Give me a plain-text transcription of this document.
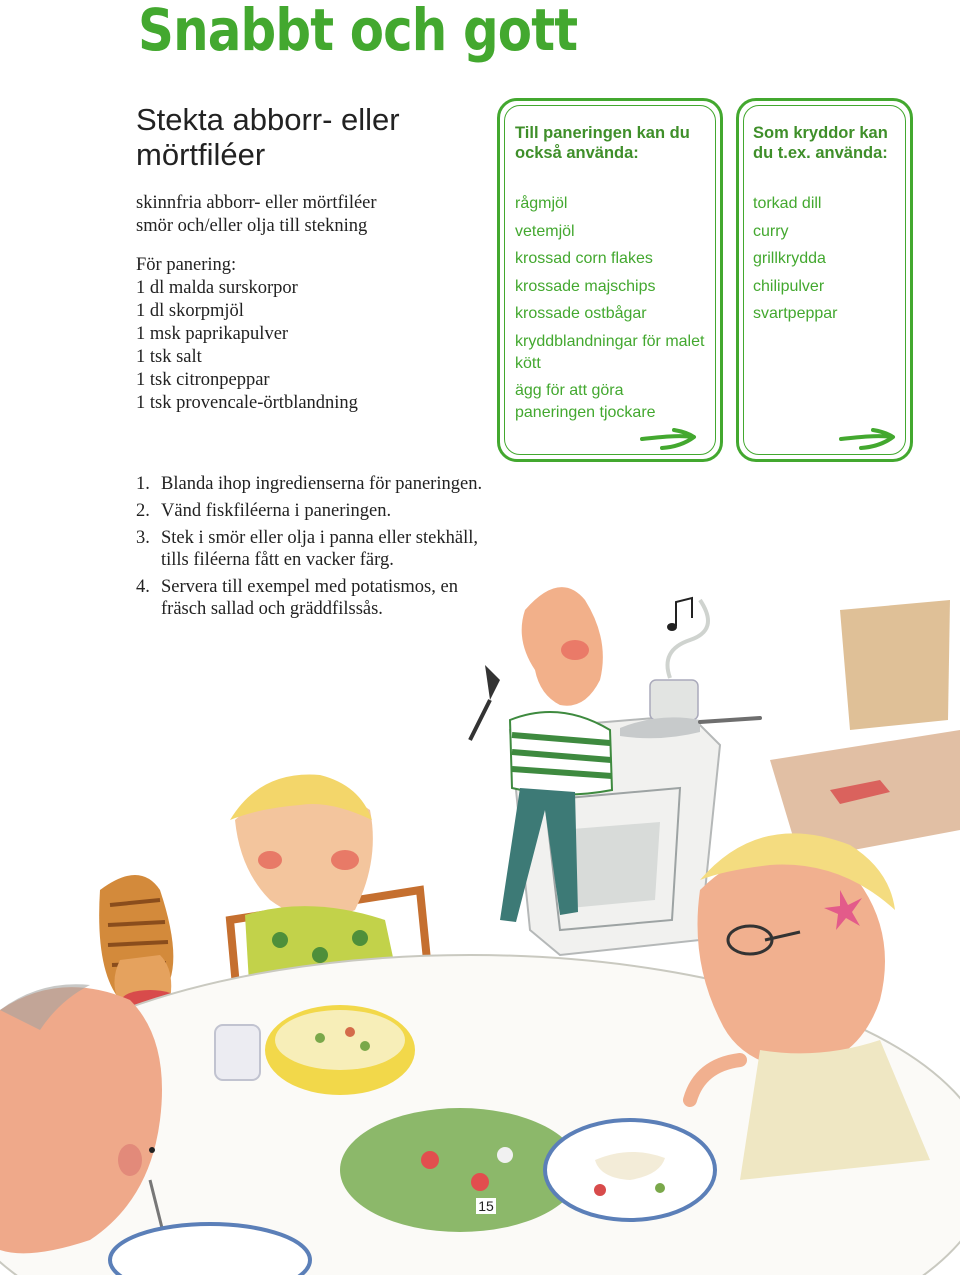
Snabbt och gott
Stekta abborr- eller mörtfiléer
skinnfria abborr- eller mörtfiléer
smör och/eller olja till stekning
För panering:
1 dl malda surskorpor
1 dl skorpmjöl
1 msk paprikapulver
1 tsk salt
1 tsk citronpeppar
1 tsk provencale-örtblandning
1. Blanda ihop ingredienserna för paneringen.
2. Vänd fiskfiléerna i paneringen.
3. Stek i smör eller olja i panna eller stekhäll, tills filéerna fått en vacker färg.
4. Servera till exempel med potatismos, en fräsch sallad och gräddfilssås.
Till paneringen kan du också använda:
rågmjöl
vetemjöl
krossad corn flakes
krossade majschips
krossade ostbågar
kryddblandningar för malet kött
ägg för att göra paneringen tjockare
Som kryddor kan du t.ex. använda:
torkad dill
curry
grillkrydda
chilipulver
svartpeppar
15
